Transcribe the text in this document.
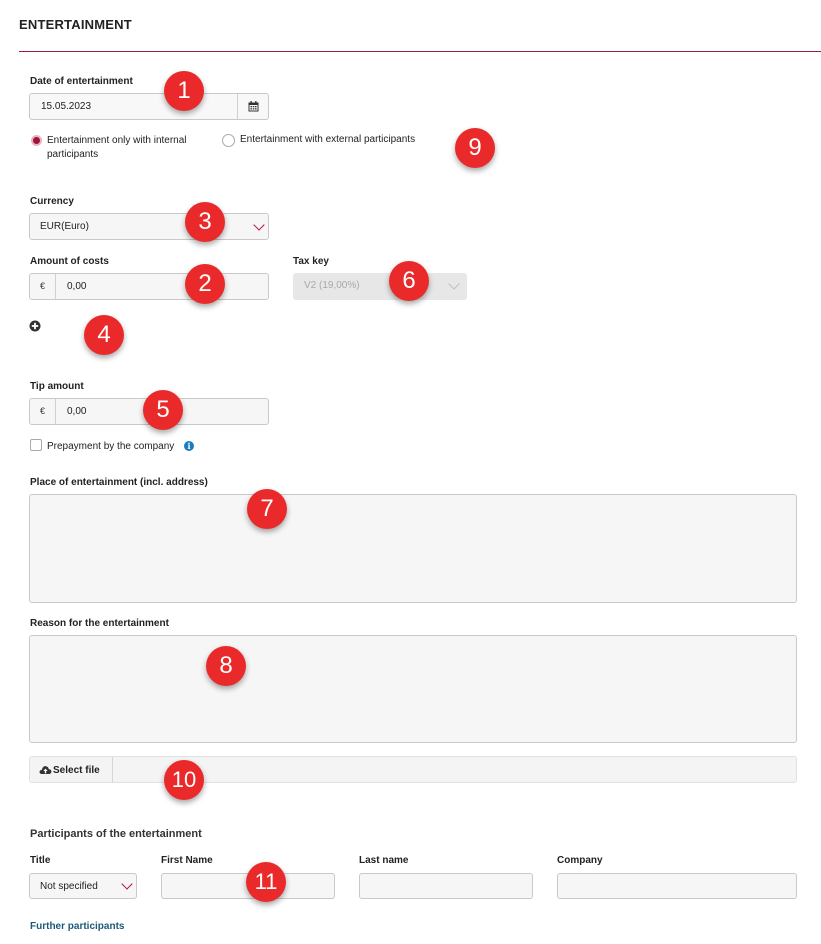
ENTERTAINMENT
Date of entertainment
15.05.2023
Entertainment only with internal
participants
Entertainment with external participants
Currency
EUR(Euro)
Amount of costs
€	0,00
Tax key
V2 (19,00%)
Tip amount
€	0,00
Prepayment by the company	i
Place of entertainment (incl. address)
Reason for the entertainment
Select file
Participants of the entertainment
Title	First Name	Last name	Company
Not specified
Further participants
1
2
3
4
5
6
7
8
9
10
11
